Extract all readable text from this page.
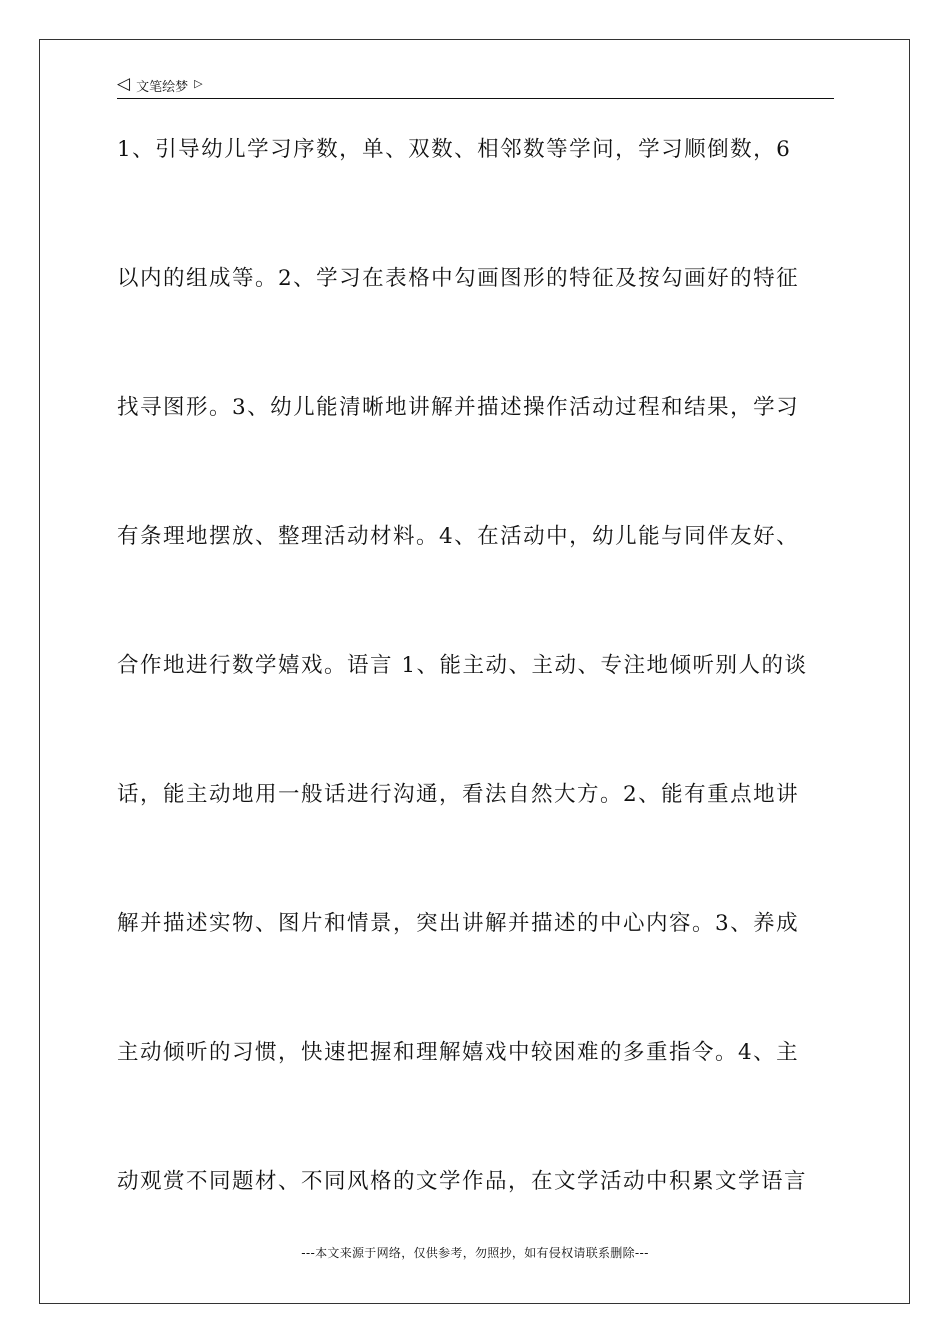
◁ 文笔绘梦 ▷
1、引导幼儿学习序数，单、双数、相邻数等学问，学习顺倒数，6
以内的组成等。2、学习在表格中勾画图形的特征及按勾画好的特征
找寻图形。3、幼儿能清晰地讲解并描述操作活动过程和结果，学习
有条理地摆放、整理活动材料。4、在活动中，幼儿能与同伴友好、
合作地进行数学嬉戏。语言 1、能主动、主动、专注地倾听别人的谈
话，能主动地用一般话进行沟通，看法自然大方。2、能有重点地讲
解并描述实物、图片和情景，突出讲解并描述的中心内容。3、养成
主动倾听的习惯，快速把握和理解嬉戏中较困难的多重指令。4、主
动观赏不同题材、不同风格的文学作品，在文学活动中积累文学语言
---本文来源于网络，仅供参考，勿照抄，如有侵权请联系删除---
